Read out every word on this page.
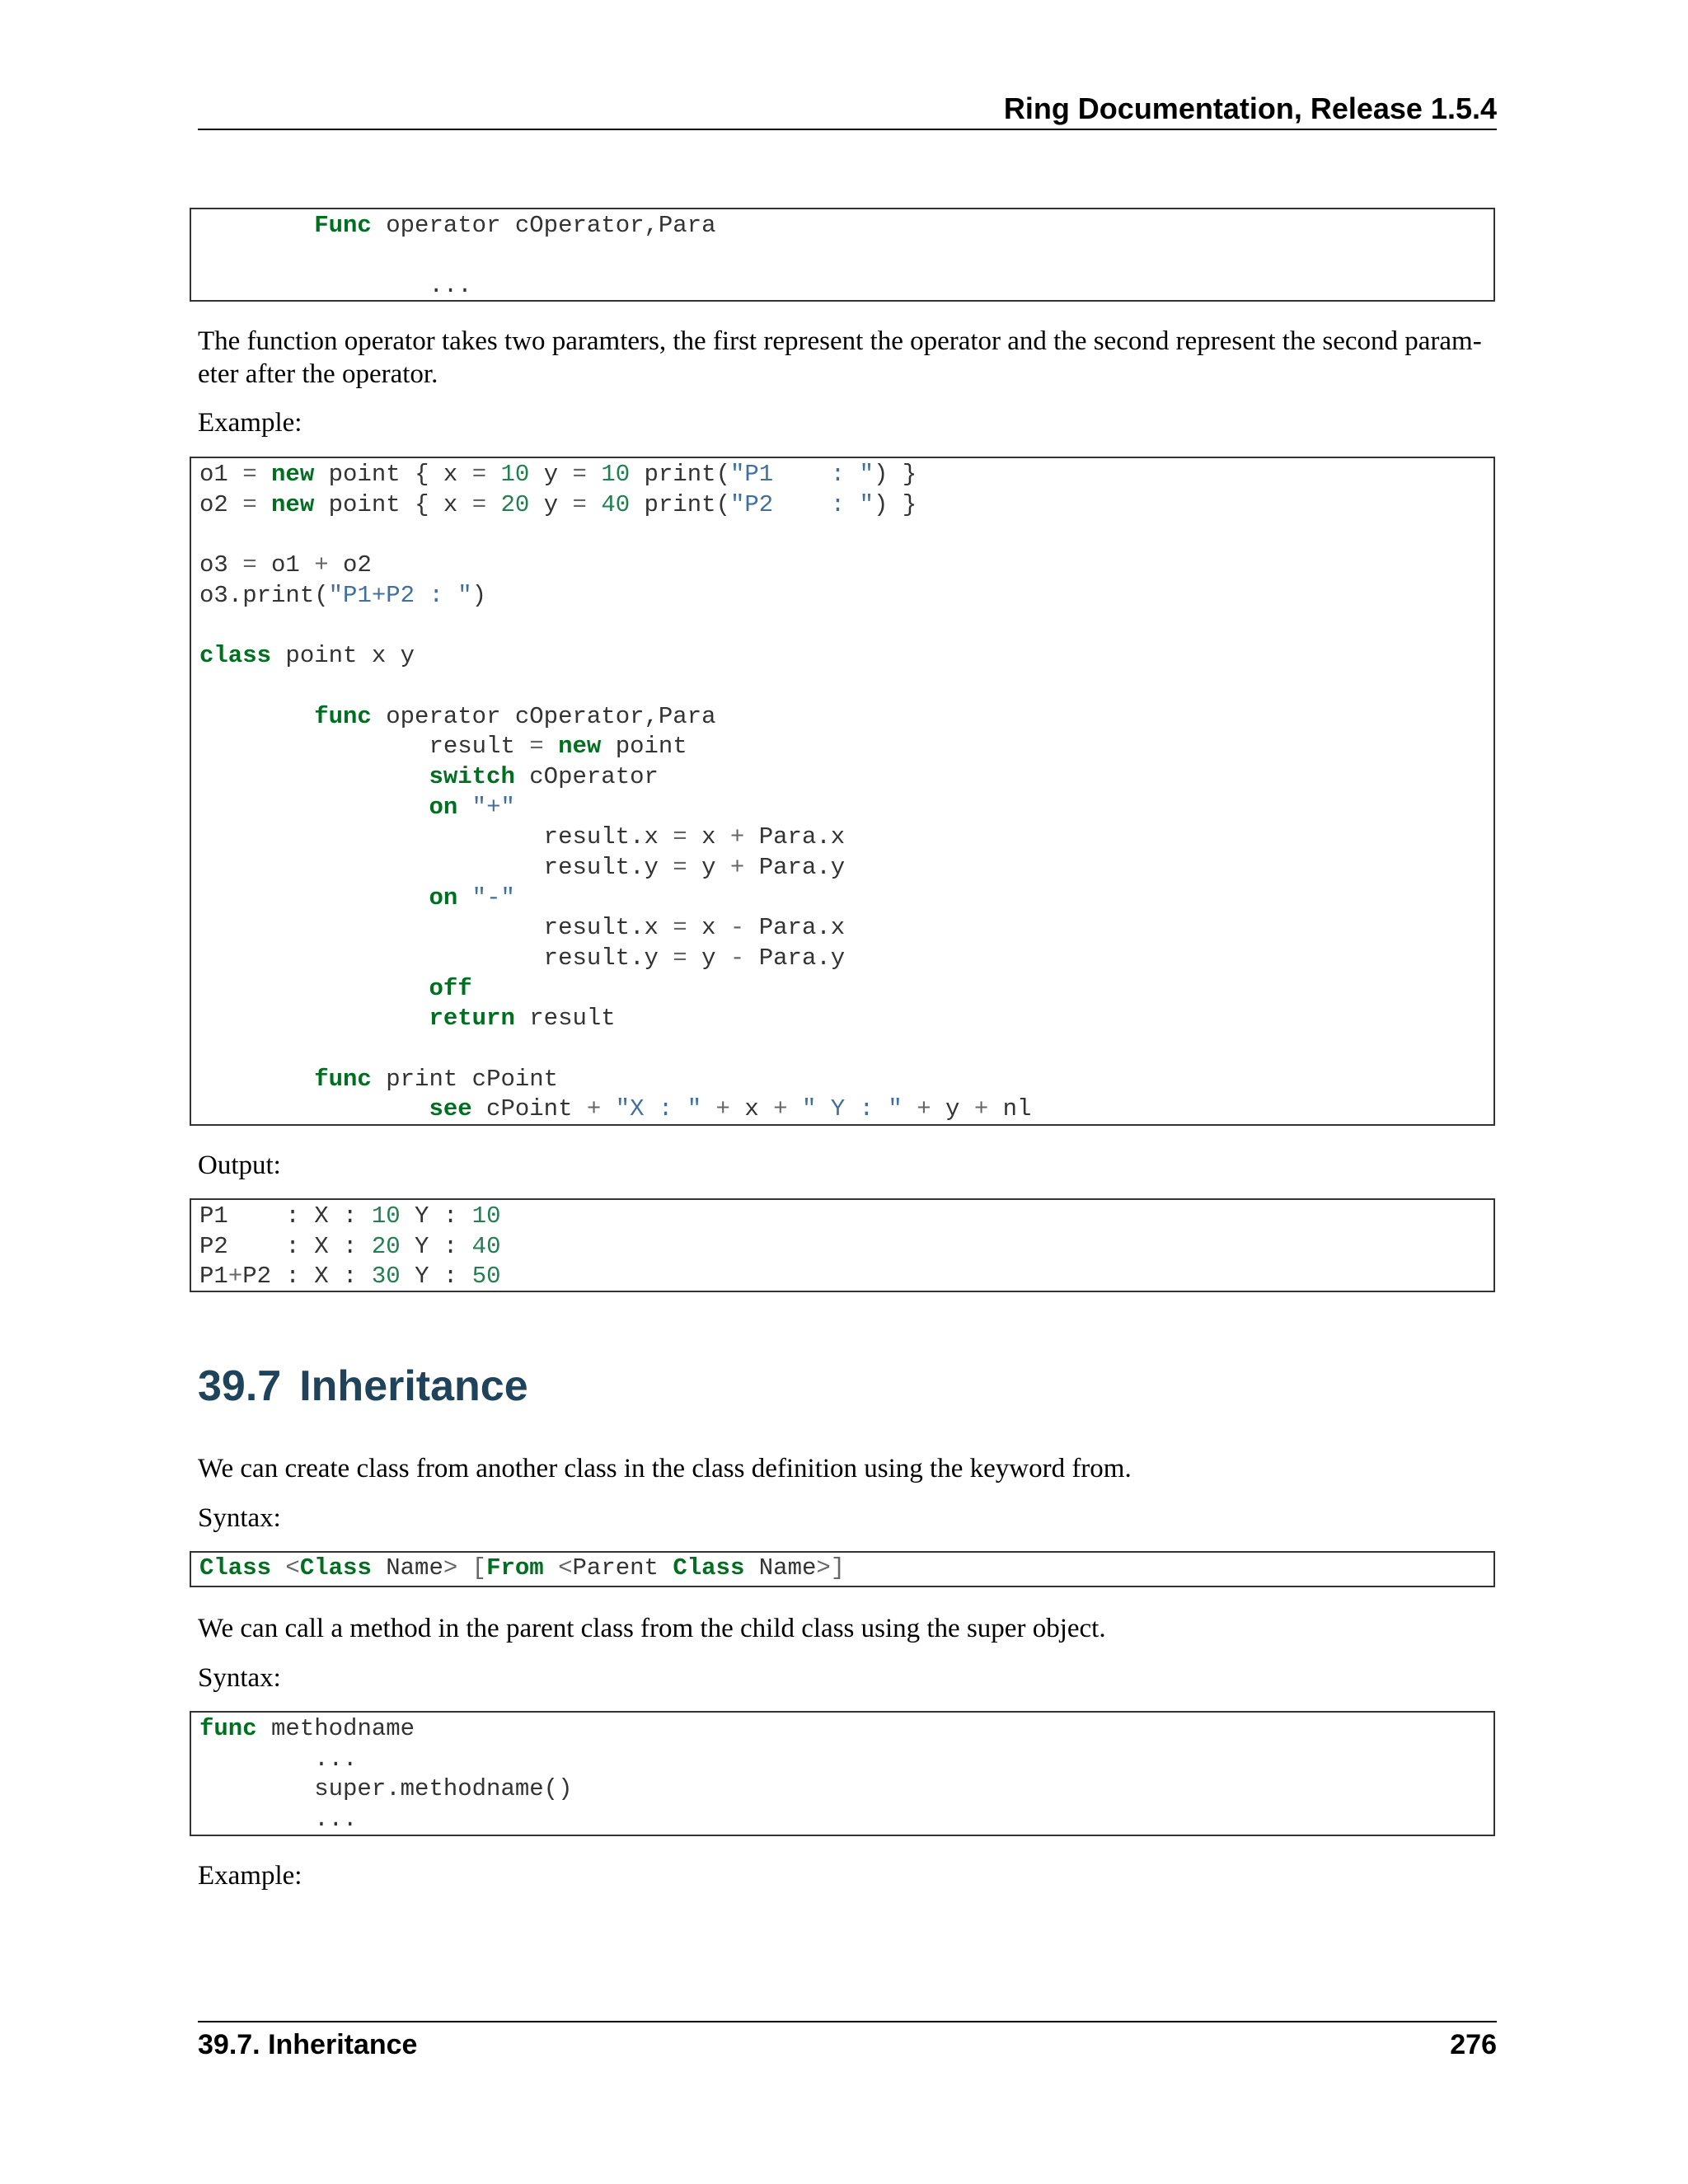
Ring Documentation, Release 1.5.4
Func operator cOperator,Para
...
The function operator takes two paramters, the first represent the operator and the second represent the second param- eter after the operator.
Example:
o1 = new point { x = 10 y = 10 print("P1    : ") }
o2 = new point { x = 20 y = 40 print("P2    : ") }
o3 = o1 + o2
o3.print("P1+P2 : ")
class point x y
func operator cOperator,Para
result = new point
switch cOperator
on "+"
result.x = x + Para.x
result.y = y + Para.y
on "-"
result.x = x - Para.x
result.y = y - Para.y
off
return result
func print cPoint
see cPoint + "X : " + x + " Y : " + y + nl
Output:
P1    : X : 10 Y : 10
P2    : X : 20 Y : 40
P1+P2 : X : 30 Y : 50
39.7 Inheritance
We can create class from another class in the class definition using the keyword from.
Syntax:
Class <Class Name> [From <Parent Class Name>]
We can call a method in the parent class from the child class using the super object.
Syntax:
func methodname
...
super.methodname()
...
Example:
39.7. Inheritance	276
